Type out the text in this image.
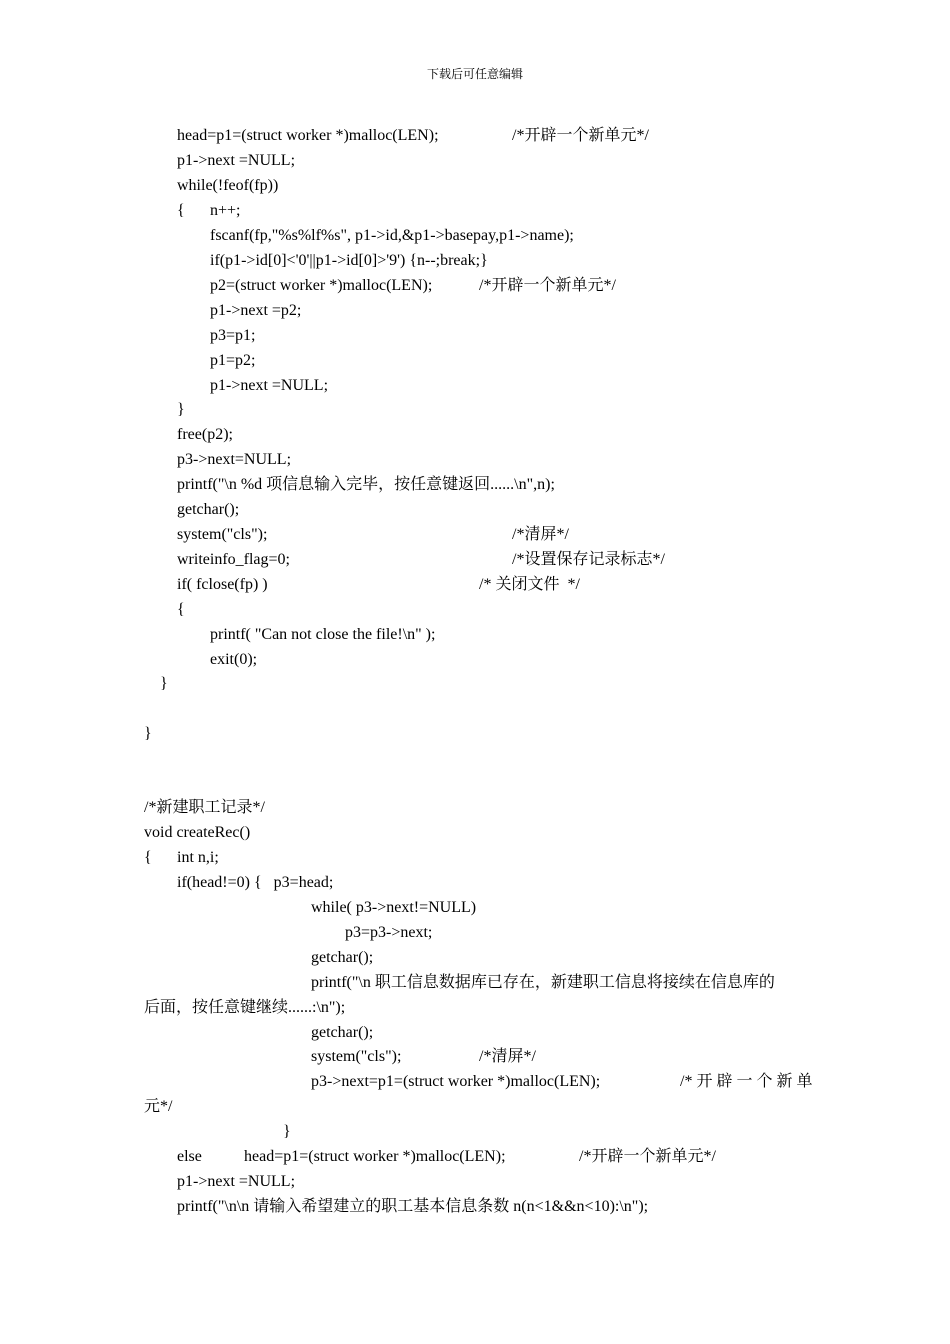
下载后可任意编辑
head=p1=(struct worker *)malloc(LEN);	/*开辟一个新单元*/
p1->next =NULL;
while(!feof(fp))
{ n++;
fscanf(fp,"%s%lf%s", p1->id,&p1->basepay,p1->name);
if(p1->id[0]<'0'||p1->id[0]>'9') {n--;break;}
p2=(struct worker *)malloc(LEN);	/*开辟一个新单元*/
p1->next =p2;
p3=p1;
p1=p2;
p1->next =NULL;
}
free(p2);
p3->next=NULL;
printf("\n %d 项信息输入完毕，按任意键返回......\n",n);
getchar();
system("cls");	/*清屏*/
writeinfo_flag=0;	/*设置保存记录标志*/
if( fclose(fp) )	/* 关闭文件  */
{
printf( "Can not close the file!\n" );
exit(0);
}
}
/*新建职工记录*/
void createRec()
{ int n,i;
if(head!=0) {   p3=head;
while( p3->next!=NULL)
p3=p3->next;
getchar();
printf("\n 职工信息数据库已存在，新建职工信息将接续在信息库的
后面，按任意键继续......:\n");
getchar();
system("cls");	/*清屏*/
p3->next=p1=(struct worker *)malloc(LEN);	/* 开 辟 一 个 新 单
元*/
}
else	head=p1=(struct worker *)malloc(LEN);	/*开辟一个新单元*/
p1->next =NULL;
printf("\n\n 请输入希望建立的职工基本信息条数 n(n<1&&n<10):\n");
